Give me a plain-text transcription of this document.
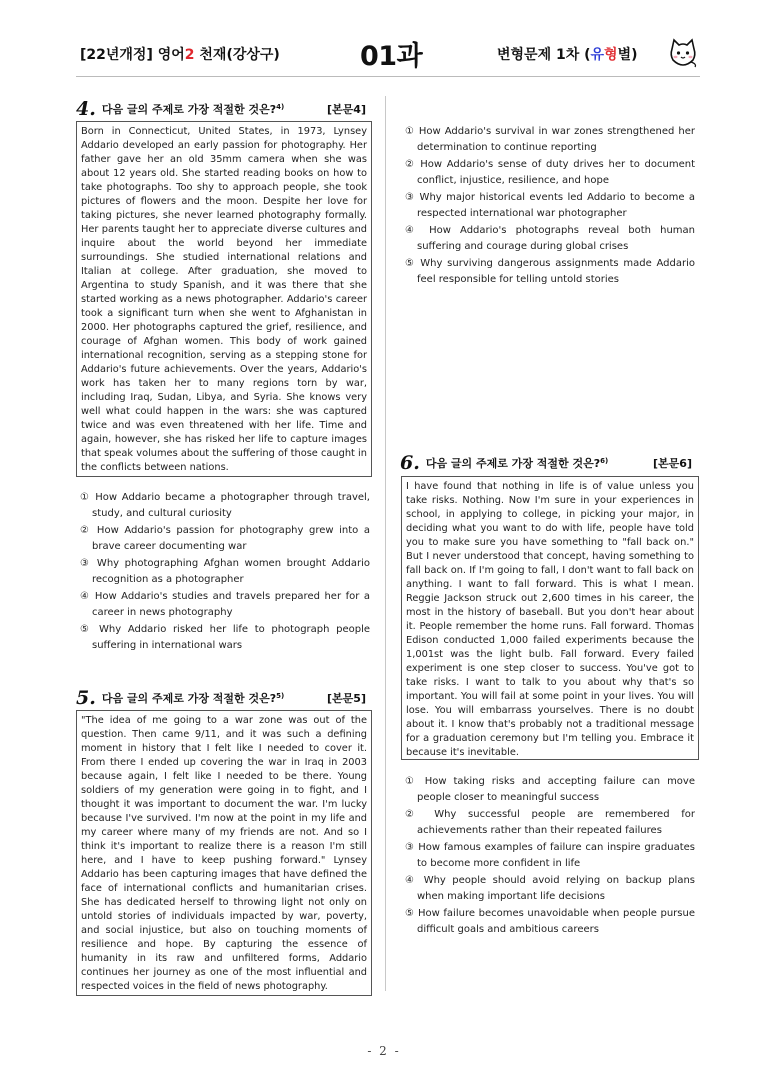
[22년개정] 영어2 천재(강상구)	01과	변형문제 1차 (유형별)
4. 다음 글의 주제로 가장 적절한 것은?$^{4)}$	[본문4]
Born in Connecticut, United States, in 1973, Lynsey Addario developed an early passion for photography. Her father gave her an old 35mm camera when she was about 12 years old. She started reading books on how to take photographs. Too shy to approach people, she took pictures of flowers and the moon. Despite her love for taking pictures, she never learned photography formally. Her parents taught her to appreciate diverse cultures and inquire about the world beyond her immediate surroundings. She studied international relations and Italian at college. After graduation, she moved to Argentina to study Spanish, and it was there that she started working as a news photographer. Addario's career took a significant turn when she went to Afghanistan in 2000. Her photographs captured the grief, resilience, and courage of Afghan women. This body of work gained international recognition, serving as a stepping stone for Addario's future achievements. Over the years, Addario's work has taken her to many regions torn by war, including Iraq, Sudan, Libya, and Syria. She knows very well what could happen in the wars: she was captured twice and was even threatened with her life. Time and again, however, she has risked her life to capture images that speak volumes about the suffering of those caught in the conflicts between nations.
① How Addario became a photographer through travel, study, and cultural curiosity
② How Addario's passion for photography grew into a brave career documenting war
③ Why photographing Afghan women brought Addario recognition as a photographer
④ How Addario's studies and travels prepared her for a career in news photography
⑤ Why Addario risked her life to photograph people suffering in international wars
5. 다음 글의 주제로 가장 적절한 것은?$^{5)}$	[본문5]
"The idea of me going to a war zone was out of the question. Then came 9/11, and it was such a defining moment in history that I felt like I needed to cover it. From there I ended up covering the war in Iraq in 2003 because again, I felt like I needed to be there. Young soldiers of my generation were going in to fight, and I thought it was important to document the war. I'm lucky because I've survived. I'm now at the point in my life and my career where many of my friends are not. And so I think it's important to realize there is a reason I'm still here, and I have to keep pushing forward." Lynsey Addario has been capturing images that have defined the face of international conflicts and humanitarian crises. She has dedicated herself to throwing light not only on untold stories of individuals impacted by war, poverty, and social injustice, but also on touching moments of resilience and hope. By capturing the essence of humanity in its raw and unfiltered forms, Addario continues her journey as one of the most influential and respected voices in the field of news photography.
① How Addario's survival in war zones strengthened her determination to continue reporting
② How Addario's sense of duty drives her to document conflict, injustice, resilience, and hope
③ Why major historical events led Addario to become a respected international war photographer
④ How Addario's photographs reveal both human suffering and courage during global crises
⑤ Why surviving dangerous assignments made Addario feel responsible for telling untold stories
6. 다음 글의 주제로 가장 적절한 것은?$^{6)}$	[본문6]
I have found that nothing in life is of value unless you take risks. Nothing. Now I'm sure in your experiences in school, in applying to college, in picking your major, in deciding what you want to do with life, people have told you to make sure you have something to "fall back on." But I never understood that concept, having something to fall back on. If I'm going to fall, I don't want to fall back on anything. I want to fall forward. This is what I mean. Reggie Jackson struck out 2,600 times in his career, the most in the history of baseball. But you don't hear about it. People remember the home runs. Fall forward. Thomas Edison conducted 1,000 failed experiments because the 1,001st was the light bulb. Fall forward. Every failed experiment is one step closer to success. You've got to take risks. I want to talk to you about why that's so important. You will fail at some point in your lives. You will lose. You will embarrass yourselves. There is no doubt about it. I know that's probably not a traditional message for a graduation ceremony but I'm telling you. Embrace it because it's inevitable.
① How taking risks and accepting failure can move people closer to meaningful success
② Why successful people are remembered for achievements rather than their repeated failures
③ How famous examples of failure can inspire graduates to become more confident in life
④ Why people should avoid relying on backup plans when making important life decisions
⑤ How failure becomes unavoidable when people pursue difficult goals and ambitious careers
- 2 -
